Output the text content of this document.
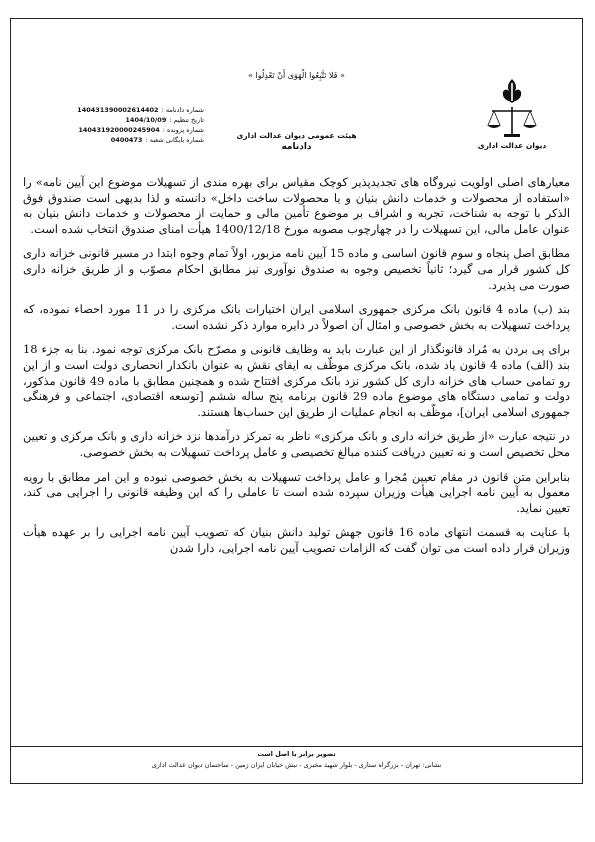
« فَلا تَتَّبِعُوا الْهَوَى أَنْ تَعْدِلُوا »
دیوان عدالت اداری
هیئت عمومی دیوان عدالت اداری
دادنامه
140431390002614402 شماره دادنامه :
1404/10/09 تاریخ تنظیم :
140431920000245904 شماره پرونده :
0400473 شماره بایگانی شعبه :

معیارهای اصلی اولویت نیروگاه های تجدیدپذیر کوچک مقیاس برای بهره مندی از تسهیلات موضوع این آیین نامه» را «استفاده از محصولات و خدمات دانش بنیان و یا محصولات ساخت داخل» دانسته و لذا بدیهی است صندوق فوق الذکر با توجه به شناخت، تجربه و اشراف بر موضوع تأمین مالی و حمایت از محصولات و خدمات دانش بنیان به عنوان عامل مالی، این تسهیلات را در چهارچوب مصوبه مورخ 1400/12/18 هیأت امنای صندوق انتخاب شده است.

مطابق اصل پنجاه و سوم قانون اساسی و ماده 15 آیین نامه مزبور، اولاً تمام وجوه ابتدا در مسیر قانونی خزانه داری کل کشور قرار می گیرد؛ ثانیاً تخصیص وجوه به صندوق نوآوری نیز مطابق احکام مصوّب و از طریق خزانه داری صورت می پذیرد.

بند (ب) ماده 4 قانون بانک مرکزی جمهوری اسلامی ایران اختیارات بانک مرکزی را در 11 مورد احصاء نموده، که پرداخت تسهیلات به بخش خصوصی و امثال آن اصولاً در دایره موارد ذکر نشده است.

برای پی بردن به مُراد قانونگذار از این عبارت باید به وظایف قانونی و مصرّح بانک مرکزی توجه نمود. بنا به جزء 18 بند (الف) ماده 4 قانون یاد شده، بانک مرکزی موظّف به ایفای نقش به عنوان بانکدار انحصاری دولت است و از این رو تمامی حساب های خزانه داری کل کشور نزد بانک مرکزی افتتاح شده و همچنین مطابق با ماده 49 قانون مذکور، دولت و تمامی دستگاه های موضوع ماده 29 قانون برنامه پنج ساله ششم [توسعه اقتصادی، اجتماعی و فرهنگی جمهوری اسلامی ایران]، موظّف به انجام عملیات از طریق این حساب‌ها هستند.

در نتیجه عبارت «از طریق خزانه داری و بانک مرکزی» ناظر به تمرکز درآمدها نزد خزانه داری و بانک مرکزی و تعیین محل تخصیص است و نه تعیین دریافت کننده مبالغ تخصیصی و عامل پرداخت تسهیلات به بخش خصوصی.

بنابراین متن قانون در مقام تعیین مُجرا و عامل پرداخت تسهیلات به بخش خصوصی نبوده و این امر مطابق با رویه معمول به آیین نامه اجرایی هیأت وزیران سپرده شده است تا عاملی را که این وظیفه قانونی را اجرایی می کند، تعیین نماید.

با عنایت به قسمت انتهای ماده 16 قانون جهش تولید دانش بنیان که تصویب آیین نامه اجرایی را بر عهده هیأت وزیران قرار داده است می توان گفت که الزامات تصویب آیین نامه اجرایی، دارا شدن

تصویر برابر با اصل است
نشانی: تهران - بزرگراه ستاری - بلوار شهید مخبری - نبش خیابان ایران زمین - ساختمان دیوان عدالت اداری
